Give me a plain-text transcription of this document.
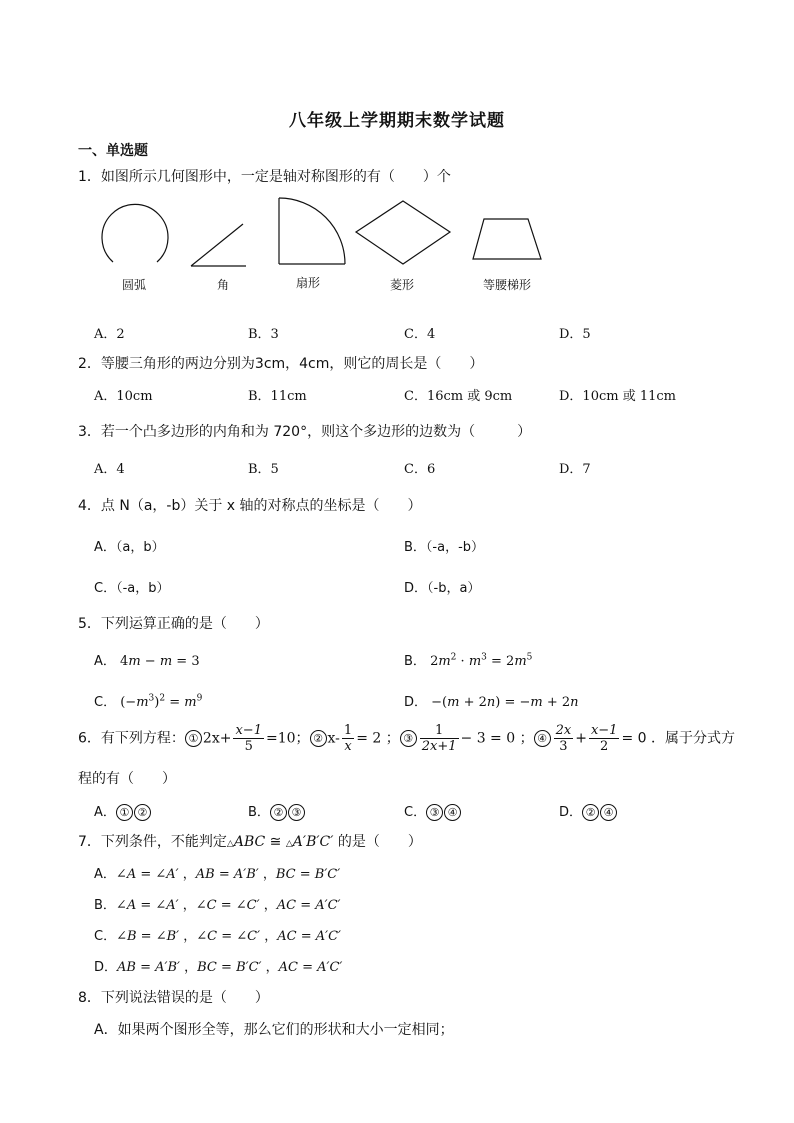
八年级上学期期末数学试题
一、单选题
1．如图所示几何图形中，一定是轴对称图形的有（　　）个
圆弧	角	扇形	菱形	等腰梯形
A．2	B．3	C．4	D．5
2．等腰三角形的两边分别为3cm，4cm，则它的周长是（　　）
A．10cm	B．11cm	C．16cm 或 9cm	D．10cm 或 11cm
3．若一个凸多边形的内角和为 720°，则这个多边形的边数为（　　　）
A．4	B．5	C．6	D．7
4．点 N（a，-b）关于 x 轴的对称点的坐标是（　　）
A．（a，b）	B．（-a，-b）
C．（-a，b）	D．（-b，a）
5．下列运算正确的是（　　）
A． 4m − m = 3	B． $2m^2 \cdot m^3 = 2m^5$
C． $(-m^3)^2 = m^9$	D． −(m + 2n) = −m + 2n
6．有下列方程： ① $2x+ \frac{x-1}{5} =10$； ② $x- \frac{1}{x} = 2$ ； ③ $\frac{1}{2x+1} - 3 = 0$ ； ④ $\frac{2x}{3} + \frac{x-1}{2} = 0$ ．属于分式方
程的有（　　）
A． ① ②	B． ② ③	C． ③ ④	D． ② ④
7．下列条件，不能判定△ABC ≅ △A′B′C′ 的是（　　）
A．∠A = ∠A′ ，AB = A′B′ ，BC = B′C′
B．∠A = ∠A′ ，∠C = ∠C′ ，AC = A′C′
C．∠B = ∠B′ ，∠C = ∠C′ ，AC = A′C′
D．AB = A′B′ ，BC = B′C′ ，AC = A′C′
8．下列说法错误的是（　　）
A．如果两个图形全等，那么它们的形状和大小一定相同；
